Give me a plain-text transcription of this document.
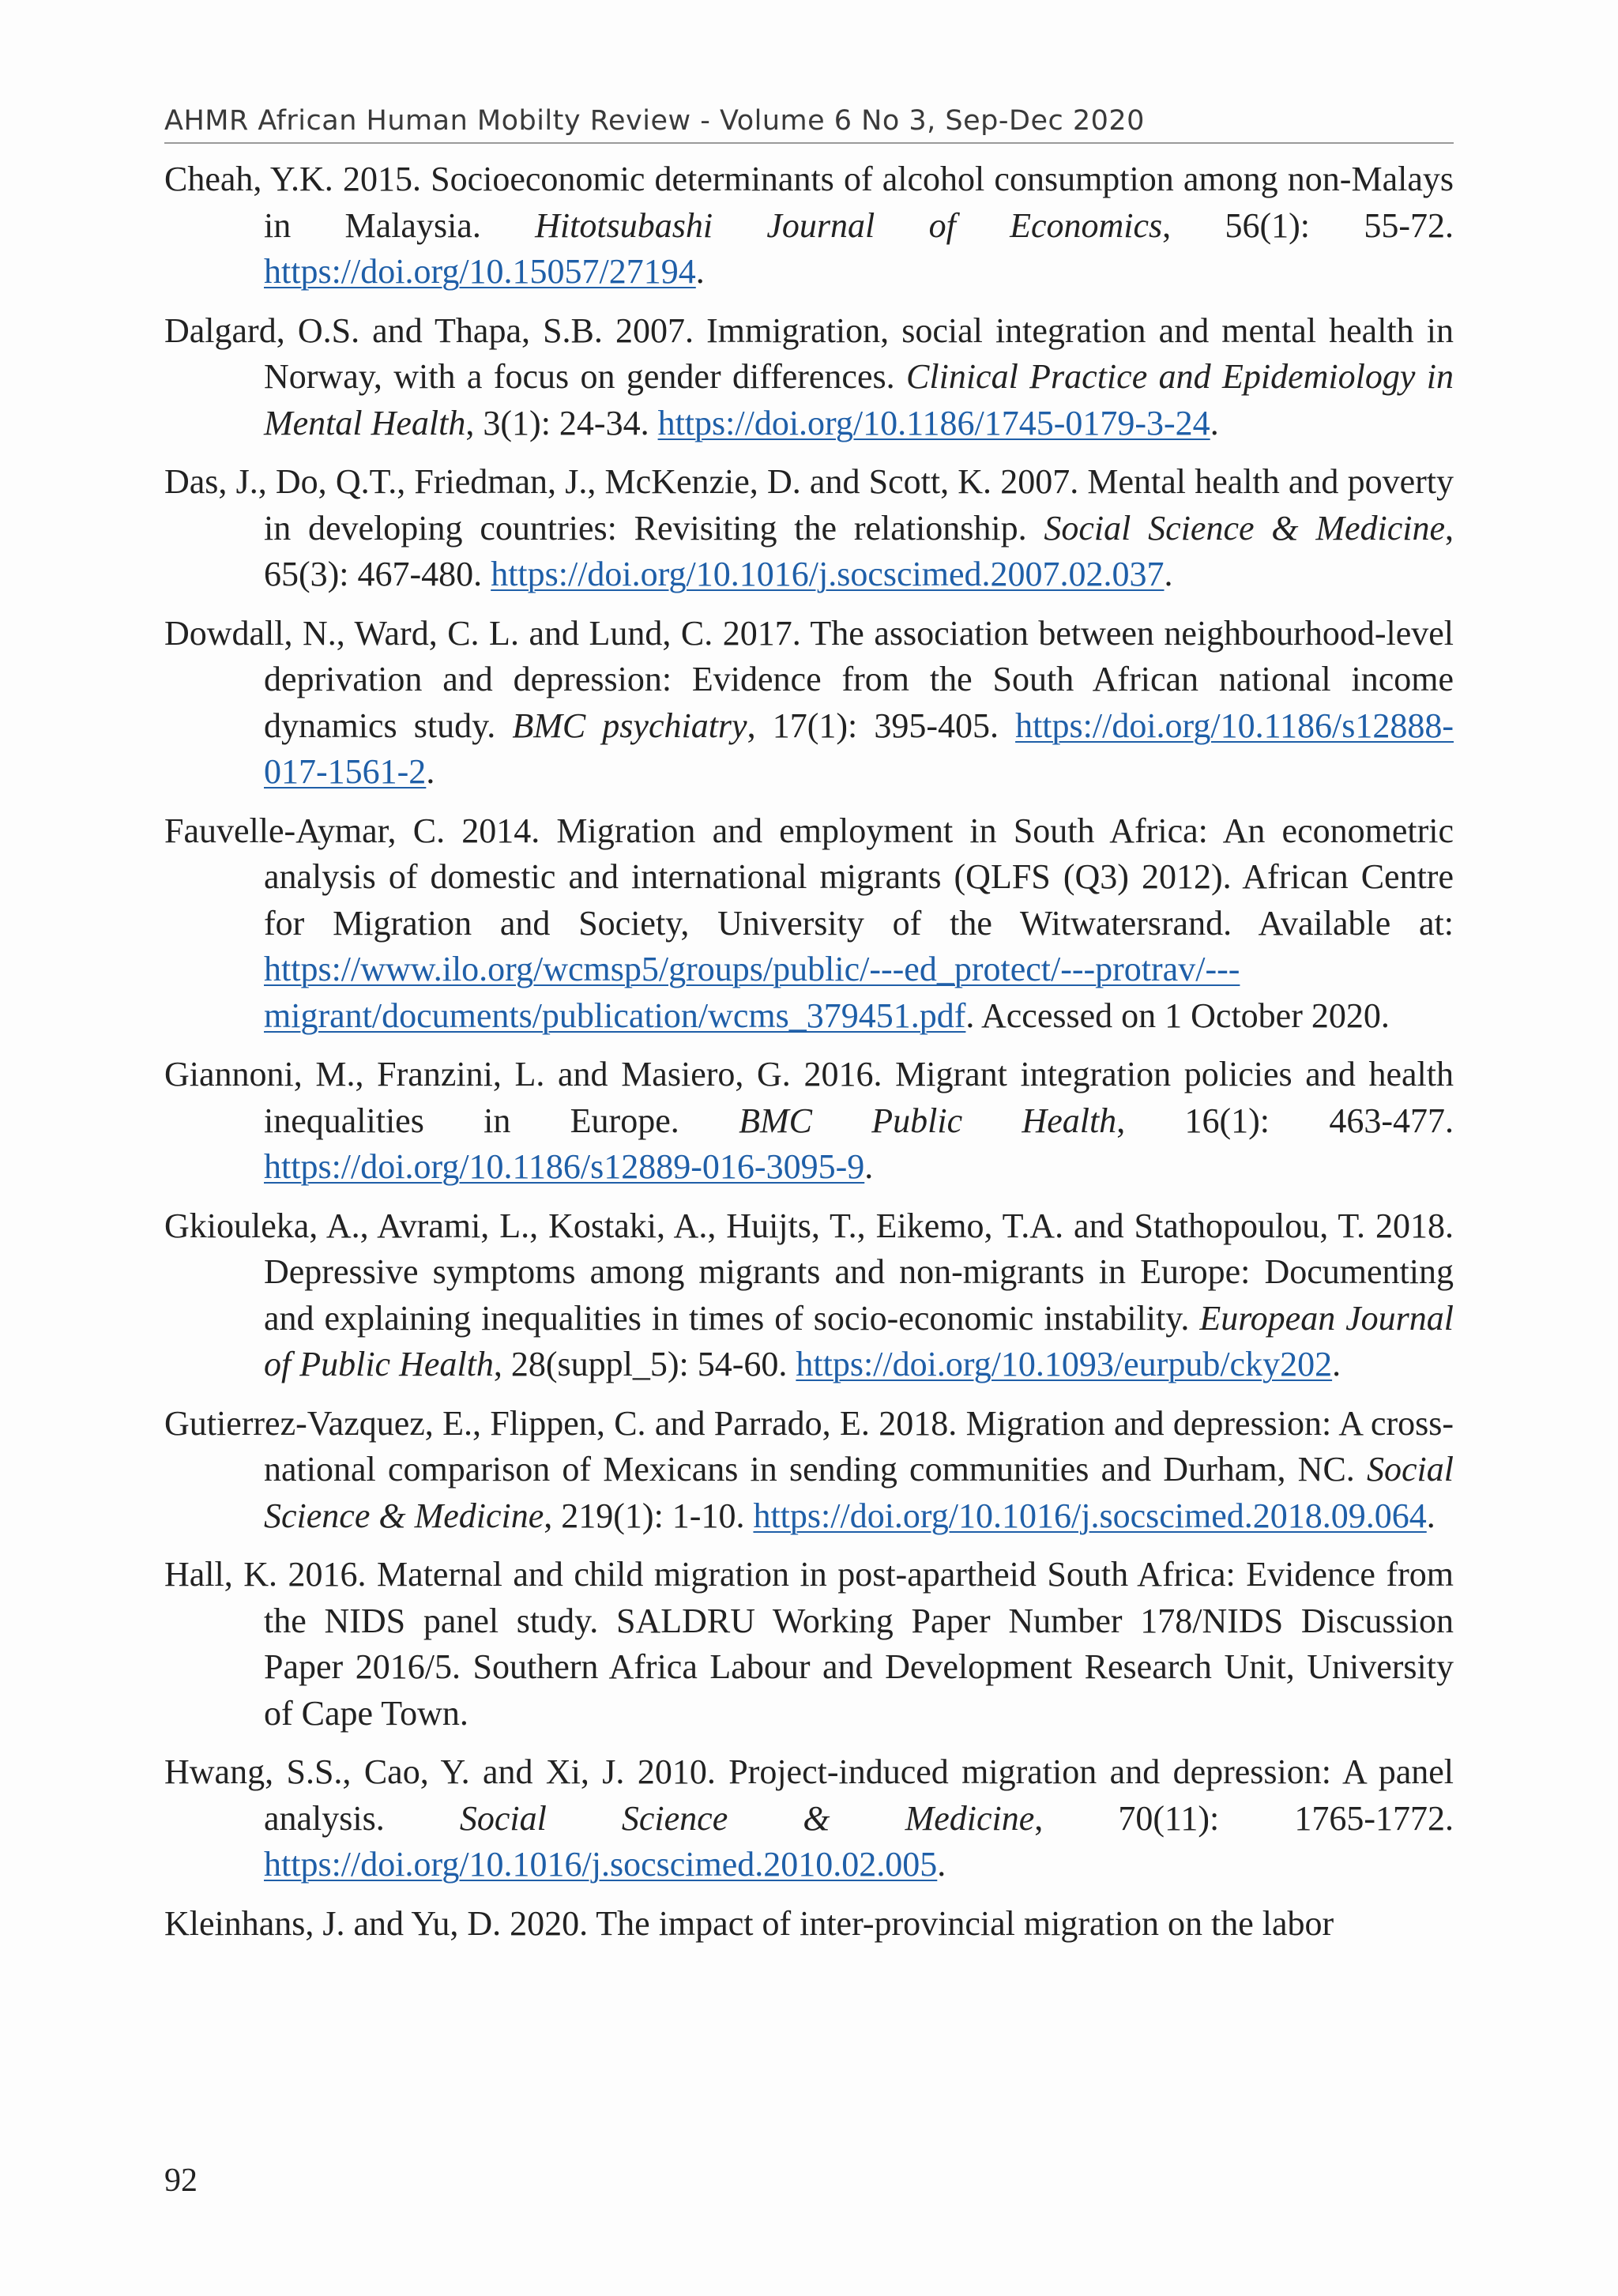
AHMR African Human Mobilty Review - Volume 6 No 3, Sep-Dec 2020

Cheah, Y.K. 2015. Socioeconomic determinants of alcohol consumption among non-Malays in Malaysia. Hitotsubashi Journal of Economics, 56(1): 55-72. https://doi.org/10.15057/27194.

Dalgard, O.S. and Thapa, S.B. 2007. Immigration, social integration and mental health in Norway, with a focus on gender differences. Clinical Practice and Epidemiology in Mental Health, 3(1): 24-34. https://doi.org/10.1186/1745-0179-3-24.

Das, J., Do, Q.T., Friedman, J., McKenzie, D. and Scott, K. 2007. Mental health and poverty in developing countries: Revisiting the relationship. Social Science & Medicine, 65(3): 467-480. https://doi.org/10.1016/j.socscimed.2007.02.037.

Dowdall, N., Ward, C. L. and Lund, C. 2017. The association between neighbourhood-level deprivation and depression: Evidence from the South African national income dynamics study. BMC psychiatry, 17(1): 395-405. https://doi.org/10.1186/s12888-017-1561-2.

Fauvelle-Aymar, C. 2014. Migration and employment in South Africa: An econometric analysis of domestic and international migrants (QLFS (Q3) 2012). African Centre for Migration and Society, University of the Witwatersrand. Available at: https://www.ilo.org/wcmsp5/groups/public/---ed_protect/---protrav/---migrant/documents/publication/wcms_379451.pdf. Accessed on 1 October 2020.

Giannoni, M., Franzini, L. and Masiero, G. 2016. Migrant integration policies and health inequalities in Europe. BMC Public Health, 16(1): 463-477. https://doi.org/10.1186/s12889-016-3095-9.

Gkiouleka, A., Avrami, L., Kostaki, A., Huijts, T., Eikemo, T.A. and Stathopoulou, T. 2018. Depressive symptoms among migrants and non-migrants in Europe: Documenting and explaining inequalities in times of socio-economic instability. European Journal of Public Health, 28(suppl_5): 54-60. https://doi.org/10.1093/eurpub/cky202.

Gutierrez-Vazquez, E., Flippen, C. and Parrado, E. 2018. Migration and depression: A cross-national comparison of Mexicans in sending communities and Durham, NC. Social Science & Medicine, 219(1): 1-10. https://doi.org/10.1016/j.socscimed.2018.09.064.

Hall, K. 2016. Maternal and child migration in post-apartheid South Africa: Evidence from the NIDS panel study. SALDRU Working Paper Number 178/NIDS Discussion Paper 2016/5. Southern Africa Labour and Development Research Unit, University of Cape Town.

Hwang, S.S., Cao, Y. and Xi, J. 2010. Project-induced migration and depression: A panel analysis. Social Science & Medicine, 70(11): 1765-1772. https://doi.org/10.1016/j.socscimed.2010.02.005.

Kleinhans, J. and Yu, D. 2020. The impact of inter-provincial migration on the labor

92
